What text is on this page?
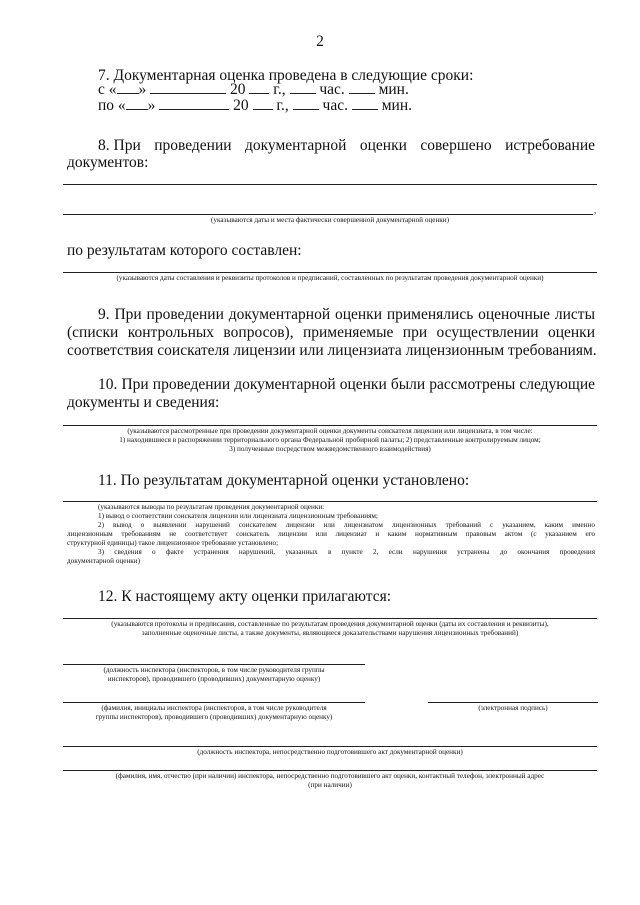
2
7. Документарная оценка проведена в следующие сроки:
с « »	20 г., час. мин.
по « »	20 г., час. мин.
8. При проведении документарной оценки совершено истребование
документов:
,
(указываются даты и места фактически совершенной документарной оценки)
по результатам которого составлен:
(указываются даты составления и реквизиты протоколов и предписаний, составленных по результатам проведения документарной оценки)
9. При проведении документарной оценки применялись оценочные листы
(списки контрольных вопросов), применяемые при осуществлении оценки
соответствия соискателя лицензии или лицензиата лицензионным требованиям.
10. При проведении документарной оценки были рассмотрены следующие
документы и сведения:
(указываются рассмотренные при проведении документарной оценки документы соискателя лицензии или лицензиата, в том числе:
1) находившиеся в распоряжении территориального органа Федеральной пробирной палаты; 2) представленные контролируемым лицом;
3) полученные посредством межведомственного взаимодействия)
11. По результатам документарной оценки установлено:
(указываются выводы по результатам проведения документарной оценки:
1) вывод о соответствии соискателя лицензии или лицензиата лицензионным требованиям;
2) вывод о выявлении нарушений соискателем лицензии или лицензиатом лицензионных требований с указанием, каким именно
лицензионным требованиям не соответствует соискатель лицензии или лицензиат и каким нормативным правовым актом (с указанием его
структурной единицы) такое лицензионное требование установлено;
3) сведения о факте устранения нарушений, указанных в пункте 2, если нарушения устранены до окончания проведения
документарной оценки)
12. К настоящему акту оценки прилагаются:
(указываются протоколы и предписания, составленные по результатам проведения документарной оценки (даты их составления и реквизиты),
заполненные оценочные листы, а также документы, являющиеся доказательствами нарушения лицензионных требований)
(должность инспектора (инспекторов, в том числе руководителя группы
инспекторов), проводившего (проводивших) документарную оценку)
(фамилия, инициалы инспектора (инспекторов, в том числе руководителя
группы инспекторов), проводившего (проводивших) документарную оценку)
(электронная подпись)
(должность инспектора, непосредственно подготовившего акт документарной оценки)
(фамилия, имя, отчество (при наличии) инспектора, непосредственно подготовившего акт оценки, контактный телефон, электронный адрес
(при наличии)
